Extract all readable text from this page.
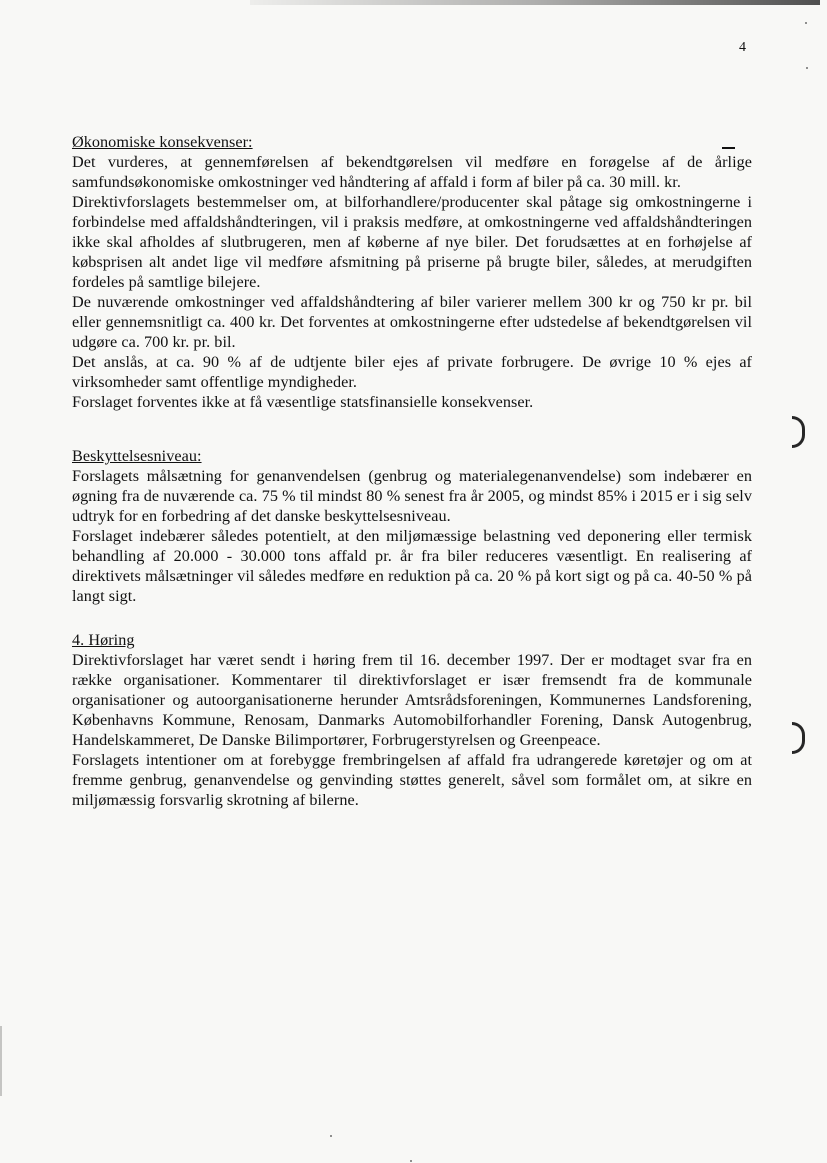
4
Økonomiske konsekvenser:

Det vurderes, at gennemførelsen af bekendtgørelsen vil medføre en forøgelse af de årlige samfundsøkonomiske omkostninger ved håndtering af affald i form af biler på ca. 30 mill. kr.

Direktivforslagets bestemmelser om, at bilforhandlere/producenter skal påtage sig omkostningerne i forbindelse med affaldshåndteringen, vil i praksis medføre, at omkostningerne ved affaldshåndteringen ikke skal afholdes af slutbrugeren, men af køberne af nye biler. Det forudsættes at en forhøjelse af købsprisen alt andet lige vil medføre afsmitning på priserne på brugte biler, således, at merudgiften fordeles på samtlige bilejere.

De nuværende omkostninger ved affaldshåndtering af biler varierer mellem 300 kr og 750 kr pr. bil eller gennemsnitligt ca. 400 kr. Det forventes at omkostningerne efter udstedelse af bekendtgørelsen vil udgøre ca. 700 kr. pr. bil.

Det anslås, at ca. 90 % af de udtjente biler ejes af private forbrugere. De øvrige 10 % ejes af virksomheder samt offentlige myndigheder.

Forslaget forventes ikke at få væsentlige statsfinansielle konsekvenser.

Beskyttelsesniveau:

Forslagets målsætning for genanvendelsen (genbrug og materialegenanvendelse) som indebærer en øgning fra de nuværende ca. 75 % til mindst 80 % senest fra år 2005, og mindst 85% i 2015 er i sig selv udtryk for en forbedring af det danske beskyttelsesniveau.

Forslaget indebærer således potentielt, at den miljømæssige belastning ved deponering eller termisk behandling af 20.000 - 30.000 tons affald pr. år fra biler reduceres væsentligt. En realisering af direktivets målsætninger vil således medføre en reduktion på ca. 20 % på kort sigt og på ca. 40-50 % på langt sigt.

4. Høring

Direktivforslaget har været sendt i høring frem til 16. december 1997. Der er modtaget svar fra en række organisationer. Kommentarer til direktivforslaget er især fremsendt fra de kommunale organisationer og autoorganisationerne herunder Amtsrådsforeningen, Kommunernes Landsforening, Københavns Kommune, Renosam, Danmarks Automobilforhandler Forening, Dansk Autogenbrug, Handelskammeret, De Danske Bilimportører, Forbrugerstyrelsen og Greenpeace.

Forslagets intentioner om at forebygge frembringelsen af affald fra udrangerede køretøjer og om at fremme genbrug, genanvendelse og genvinding støttes generelt, såvel som formålet om, at sikre en miljømæssig forsvarlig skrotning af bilerne.
